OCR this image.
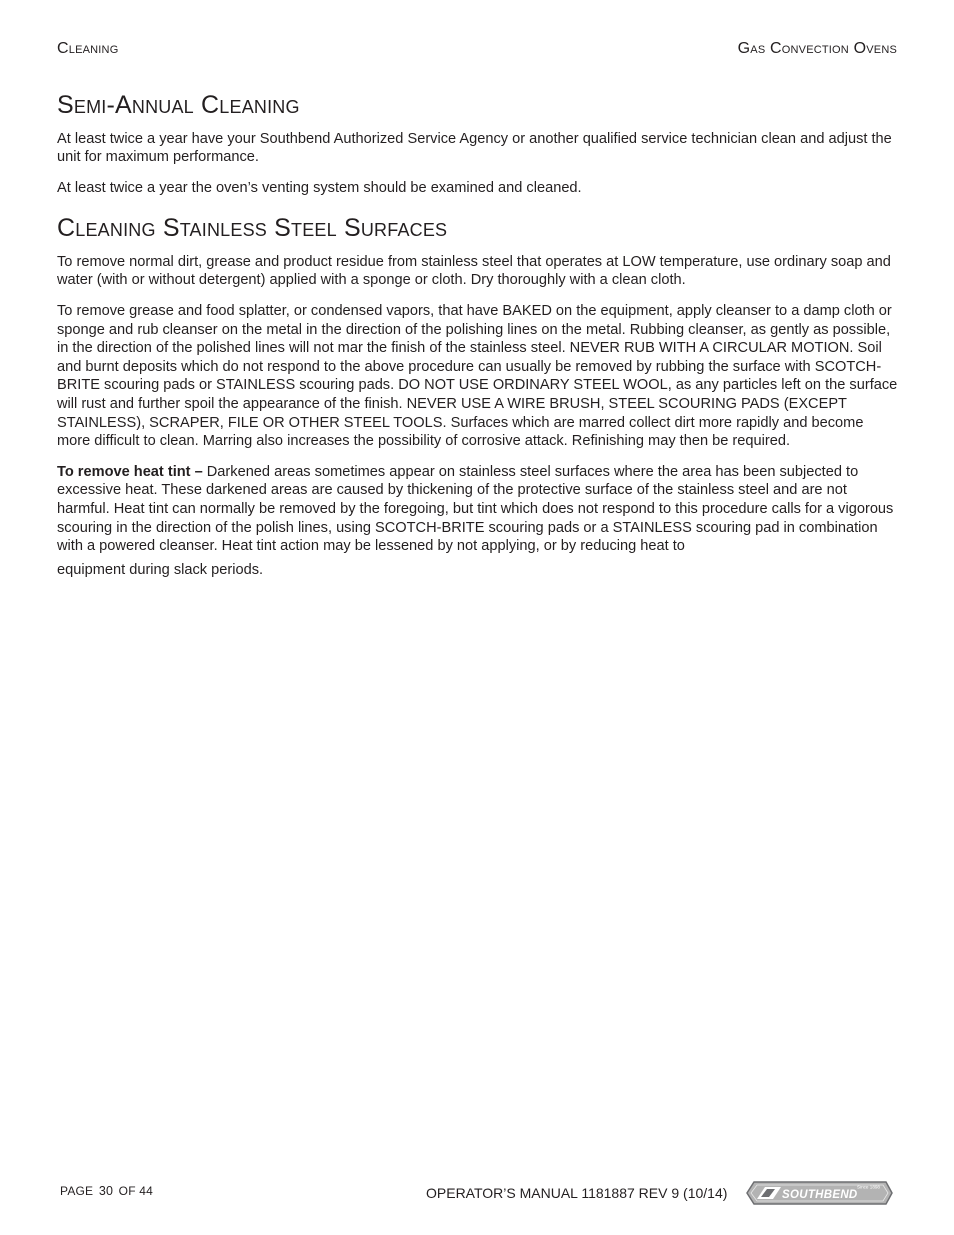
Cleaning	Gas Convection Ovens
Semi-Annual Cleaning

At least twice a year have your Southbend Authorized Service Agency or another qualified service technician clean and adjust the unit for maximum performance.

At least twice a year the oven’s venting system should be examined and cleaned.

Cleaning Stainless Steel Surfaces

To remove normal dirt, grease and product residue from stainless steel that operates at LOW temperature, use ordinary soap and water (with or without detergent) applied with a sponge or cloth. Dry thoroughly with a clean cloth.

To remove grease and food splatter, or condensed vapors, that have BAKED on the equipment, apply cleanser to a damp cloth or sponge and rub cleanser on the metal in the direction of the polishing lines on the metal. Rubbing cleanser, as gently as possible, in the direction of the polished lines will not mar the finish of the stainless steel. NEVER RUB WITH A CIRCULAR MOTION. Soil and burnt deposits which do not respond to the above procedure can usually be removed by rubbing the surface with SCOTCH-BRITE scouring pads or STAINLESS scouring pads. DO NOT USE ORDINARY STEEL WOOL, as any particles left on the surface will rust and further spoil the appearance of the finish. NEVER USE A WIRE BRUSH, STEEL SCOURING PADS (EXCEPT STAINLESS), SCRAPER, FILE OR OTHER STEEL TOOLS. Surfaces which are marred collect dirt more rapidly and become more difficult to clean. Marring also increases the possibility of corrosive attack. Refinishing may then be required.

To remove heat tint – Darkened areas sometimes appear on stainless steel surfaces where the area has been subjected to excessive heat. These darkened areas are caused by thickening of the protective surface of the stainless steel and are not harmful. Heat tint can normally be removed by the foregoing, but tint which does not respond to this procedure calls for a vigorous scouring in the direction of the polish lines, using SCOTCH-BRITE scouring pads or a STAINLESS scouring pad in combination with a powered cleanser. Heat tint action may be lessened by not applying, or by reducing heat to
equipment during slack periods.

PAGE 30 OF 44	OPERATOR’S MANUAL 1181887 REV 9 (10/14)	Since 1898
SOUTHBEND
